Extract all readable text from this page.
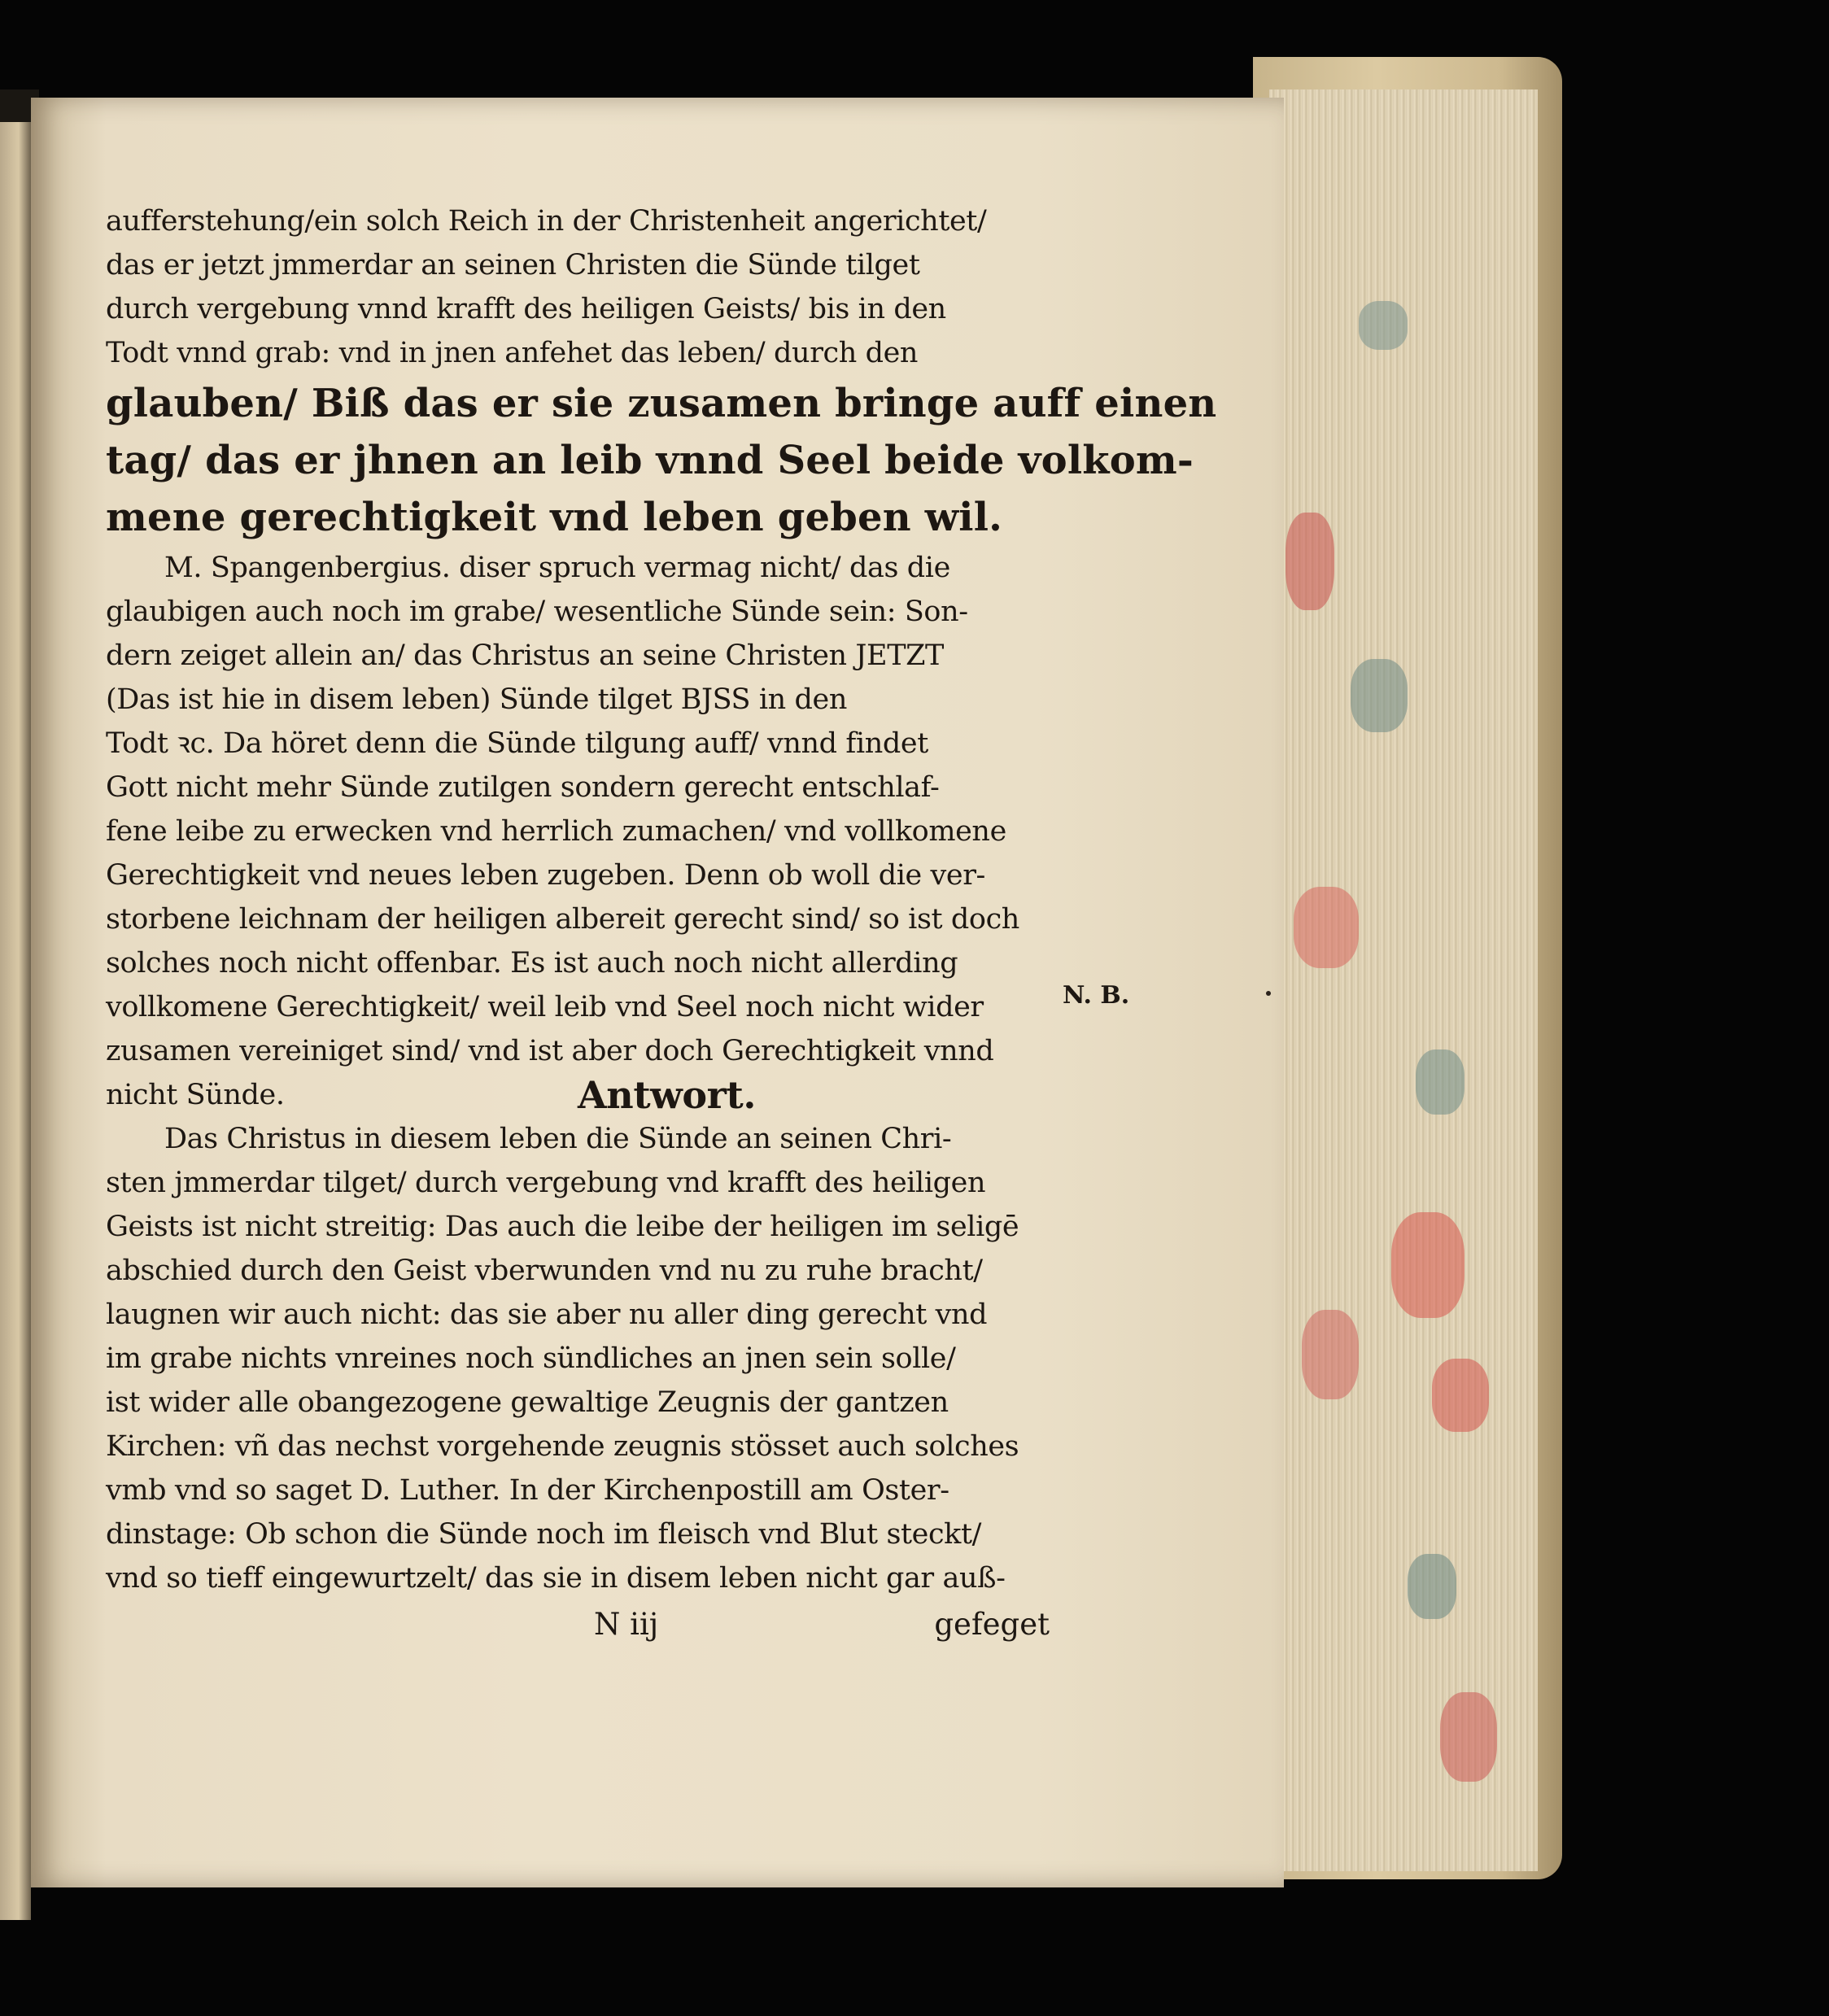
aufferstehung/ein solch Reich in der Christenheit angerichtet/
das er jetzt jmmerdar an seinen Christen die Sünde tilget
durch vergebung vnnd krafft des heiligen Geists/ bis in den
Todt vnnd grab: vnd in jnen anfehet das leben/ durch den
glauben/ Biß das er sie zusamen bringe auff einen
tag/ das er jhnen an leib vnnd Seel beide volkom-
mene gerechtigkeit vnd leben geben wil.
M. Spangenbergius. diser spruch vermag nicht/ das die
glaubigen auch noch im grabe/ wesentliche Sünde sein: Son-
dern zeiget allein an/ das Christus an seine Christen JETZT
(Das ist hie in disem leben) Sünde tilget BJSS in den
Todt ꝛc. Da höret denn die Sünde tilgung auff/ vnnd findet
Gott nicht mehr Sünde zutilgen sondern gerecht entschlaf-
fene leibe zu erwecken vnd herrlich zumachen/ vnd vollkomene
Gerechtigkeit vnd neues leben zugeben. Denn ob woll die ver-
storbene leichnam der heiligen albereit gerecht sind/ so ist doch
solches noch nicht offenbar. Es ist auch noch nicht allerding
vollkomene Gerechtigkeit/ weil leib vnd Seel noch nicht wider
zusamen vereiniget sind/ vnd ist aber doch Gerechtigkeit vnnd
nicht Sünde.	Antwort.
Das Christus in diesem leben die Sünde an seinen Chri-
sten jmmerdar tilget/ durch vergebung vnd krafft des heiligen
Geists ist nicht streitig: Das auch die leibe der heiligen im seligē
abschied durch den Geist vberwunden vnd nu zu ruhe bracht/
laugnen wir auch nicht: das sie aber nu aller ding gerecht vnd
im grabe nichts vnreines noch sündliches an jnen sein solle/
ist wider alle obangezogene gewaltige Zeugnis der gantzen
Kirchen: vñ das nechst vorgehende zeugnis stösset auch solches
vmb vnd so saget D. Luther. In der Kirchenpostill am Oster-
dinstage: Ob schon die Sünde noch im fleisch vnd Blut steckt/
vnd so tieff eingewurtzelt/ das sie in disem leben nicht gar auß-
N iij	gefeget
N. B.
